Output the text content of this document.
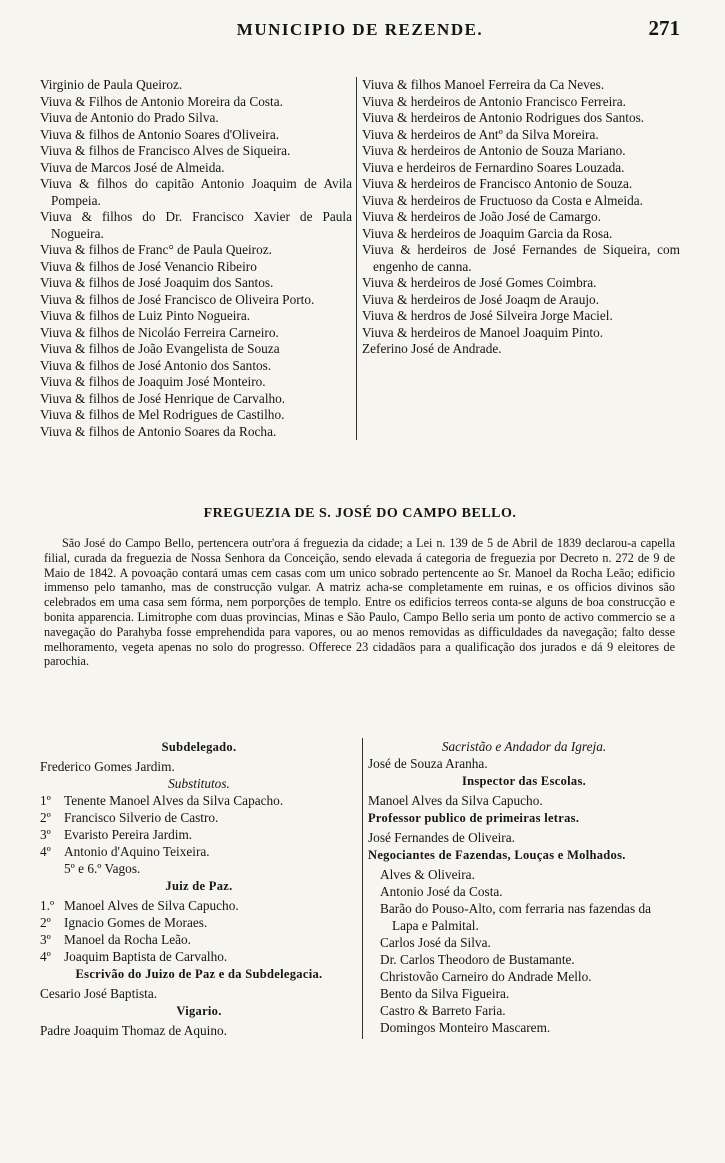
MUNICIPIO DE REZENDE.	271

Virginio de Paula Queiroz.

Viuva & Filhos de Antonio Moreira da Costa.

Viuva de Antonio do Prado Silva.

Viuva & filhos de Antonio Soares d'Oliveira.

Viuva & filhos de Francisco Alves de Siqueira.

Viuva de Marcos José de Almeida.

Viuva & filhos do capitão Antonio Joaquim de Avila Pompeia.

Viuva & filhos do Dr. Francisco Xavier de Paula Nogueira.

Viuva & filhos de Franc° de Paula Queiroz.

Viuva & filhos de José Venancio Ribeiro

Viuva & filhos de José Joaquim dos Santos.

Viuva & filhos de José Francisco de Oliveira Porto.

Viuva & filhos de Luiz Pinto Nogueira.

Viuva & filhos de Nicoláo Ferreira Carneiro.

Viuva & filhos de João Evangelista de Souza

Viuva & filhos de José Antonio dos Santos.

Viuva & filhos de Joaquim José Monteiro.

Viuva & filhos de José Henrique de Carvalho.

Viuva & filhos de Mel Rodrigues de Castilho.

Viuva & filhos de Antonio Soares da Rocha.

Viuva & filhos Manoel Ferreira da Ca Neves.

Viuva & herdeiros de Antonio Francisco Ferreira.

Viuva & herdeiros de Antonio Rodrigues dos Santos.

Viuva & herdeiros de Antº da Silva Moreira.

Viuva & herdeiros de Antonio de Souza Mariano.

Viuva e herdeiros de Fernardino Soares Louzada.

Viuva & herdeiros de Francisco Antonio de Souza.

Viuva & herdeiros de Fructuoso da Costa e Almeida.

Viuva & herdeiros de João José de Camargo.

Viuva & herdeiros de Joaquim Garcia da Rosa.

Viuva & herdeiros de José Fernandes de Siqueira, com engenho de canna.

Viuva & herdeiros de José Gomes Coimbra.

Viuva & herdeiros de José Joaqm de Araujo.

Viuva & herdros de José Silveira Jorge Maciel.

Viuva & herdeiros de Manoel Joaquim Pinto.

Zeferino José de Andrade.

FREGUEZIA DE S. JOSÉ DO CAMPO BELLO.

São José do Campo Bello, pertencera outr'ora á freguezia da cidade; a Lei n. 139 de 5 de Abril de 1839 declarou-a capella filial, curada da freguezia de Nossa Senhora da Conceição, sendo elevada á categoria de freguezia por Decreto n. 272 de 9 de Maio de 1842. A povoação contará umas cem casas com um unico sobrado pertencente ao Sr. Manoel da Rocha Leão; edificio immenso pelo tamanho, mas de construcção vulgar. A matriz acha-se completamente em ruinas, e os officios divinos são celebrados em uma casa sem fórma, nem porporções de templo. Entre os edificios terreos conta-se alguns de boa construcção e bonita apparencia. Limitrophe com duas provincias, Minas e São Paulo, Campo Bello seria um ponto de activo commercio se a navegação do Parahyba fosse emprehendida para vapores, ou ao menos removidas as difficuldades da navegação; falto desse melhoramento, vegeta apenas no solo do progresso. Offerece 23 cidadãos para a qualificação dos jurados e dá 9 eleitores de parochia.

Subdelegado.

Frederico Gomes Jardim.

Substitutos.

1º Tenente Manoel Alves da Silva Capacho.
2º Francisco Silverio de Castro.
3º Evaristo Pereira Jardim.
4º Antonio d'Aquino Teixeira.
5º e 6.º Vagos.
Juiz de Paz.
1.º Manoel Alves de Silva Capucho.
2º Ignacio Gomes de Moraes.
3º Manoel da Rocha Leão.
4º Joaquim Baptista de Carvalho.
Escrivão do Juizo de Paz e da Subdelegacia.

Cesario José Baptista.

Vigario.

Padre Joaquim Thomaz de Aquino.

Sacristão e Andador da Igreja.

José de Souza Aranha.

Inspector das Escolas.

Manoel Alves da Silva Capucho.

Professor publico de primeiras letras.

José Fernandes de Oliveira.

Negociantes de Fazendas, Louças e Molhados.

Alves & Oliveira.

Antonio José da Costa.

Barão do Pouso-Alto, com ferraria nas fazendas da Lapa e Palmital.

Carlos José da Silva.

Dr. Carlos Theodoro de Bustamante.

Christovão Carneiro do Andrade Mello.

Bento da Silva Figueira.

Castro & Barreto Faria.

Domingos Monteiro Mascarem.
